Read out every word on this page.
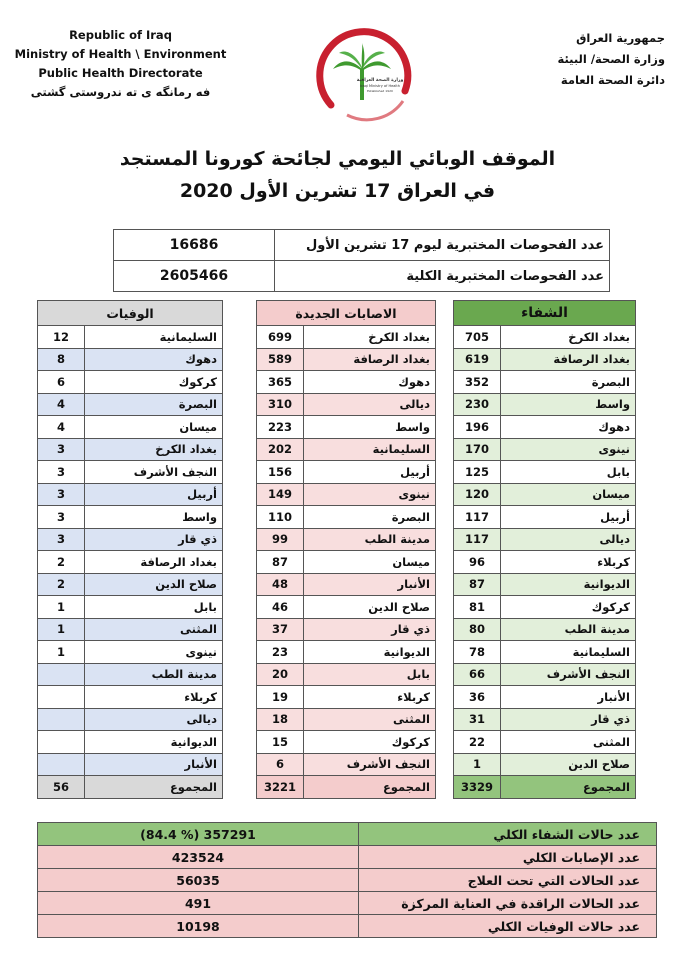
Republic of Iraq
Ministry of Health \ Environment
Public Health Directorate
فه رمانگه ى ته ندروستى گشتى
وزارة الصحة العراقية
Iraqi Ministry of Health
Established 1920
جمهورية العراق
وزارة الصحة/ البيئة
دائرة الصحة العامة
الموقف الوبائي اليومي لجائحة كورونا المستجد
في العراق 17 تشرين الأول 2020
16686	عدد الفحوصات المختبرية ليوم 17 تشرين الأول
2605466	عدد الفحوصات المختبرية الكلية
الوفيات	
12	السليمانية
8	دهوك
6	كركوك
4	البصرة
4	ميسان
3	بغداد الكرخ
3	النجف الأشرف
3	أربيل
3	واسط
3	ذي قار
2	بغداد الرصافة
2	صلاح الدين
1	بابل
1	المثنى
1	نينوى
	مدينة الطب
	كربلاء
	ديالى
	الديوانية
	الأنبار
56	المجموع
الاصابات الجديدة	
699	بغداد الكرخ
589	بغداد الرصافة
365	دهوك
310	ديالى
223	واسط
202	السليمانية
156	أربيل
149	نينوى
110	البصرة
99	مدينة الطب
87	ميسان
48	الأنبار
46	صلاح الدين
37	ذي قار
23	الديوانية
20	بابل
19	كربلاء
18	المثنى
15	كركوك
6	النجف الأشرف
3221	المجموع
الشفاء	
705	بغداد الكرخ
619	بغداد الرصافة
352	البصرة
230	واسط
196	دهوك
170	نينوى
125	بابل
120	ميسان
117	أربيل
117	ديالى
96	كربلاء
87	الديوانية
81	كركوك
80	مدينة الطب
78	السليمانية
66	النجف الأشرف
36	الأنبار
31	ذي قار
22	المثنى
1	صلاح الدين
3329	المجموع
(84.4 %) 357291	عدد حالات الشفاء الكلي
423524	عدد الإصابات الكلي
56035	عدد الحالات التي تحت العلاج
491	عدد الحالات الراقدة في العناية المركزة
10198	عدد حالات الوفيات الكلي
